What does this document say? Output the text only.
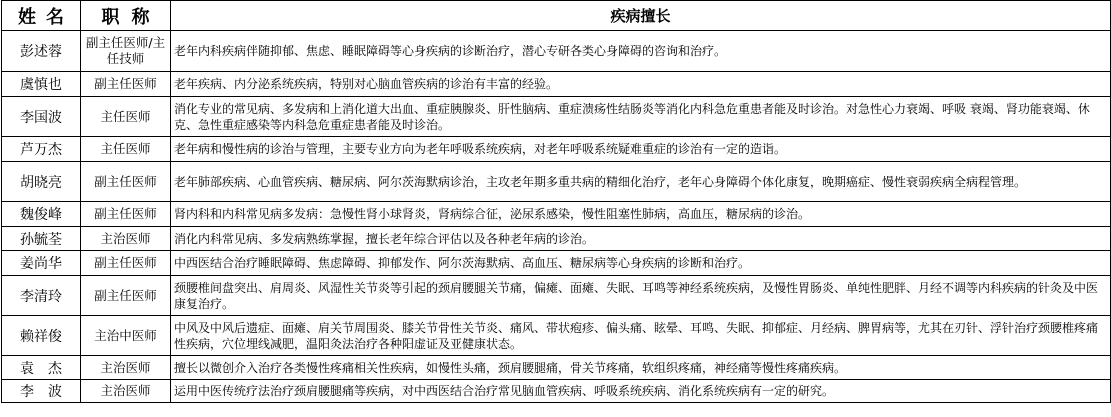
姓名	职称	疾病擅长
彭述蓉	副主任医师/主任技师	老年内科疾病伴随抑郁、焦虑、睡眠障碍等心身疾病的诊断治疗，潜心专研各类心身障碍的咨询和治疗。
虞慎也	副主任医师	老年疾病、内分泌系统疾病，特别对心脑血管疾病的诊治有丰富的经验。
李国波	主任医师	消化专业的常见病、多发病和上消化道大出血、重症胰腺炎、肝性脑病、重症溃疡性结肠炎等消化内科急危重患者能及时诊治。对急性心力衰竭、呼吸 衰竭、肾功能衰竭、休克、急性重症感染等内科急危重症患者能及时诊治。
芦万杰	主任医师	老年病和慢性病的诊治与管理，主要专业方向为老年呼吸系统疾病，对老年呼吸系统疑难重症的诊治有一定的造诣。
胡晓亮	副主任医师	老年肺部疾病、心血管疾病、糖尿病、阿尔茨海默病诊治，主攻老年期多重共病的精细化治疗，老年心身障碍个体化康复，晚期癌症、慢性衰弱疾病全病程管理。
魏俊峰	副主任医师	肾内科和内科常见病多发病：急慢性肾小球肾炎，肾病综合征，泌尿系感染，慢性阻塞性肺病，高血压，糖尿病的诊治。
孙毓荃	主治医师	消化内科常见病、多发病熟练掌握，擅长老年综合评估以及各种老年病的诊治。
姜尚华	副主任医师	中西医结合治疗睡眠障碍、焦虑障碍、抑郁发作、阿尔茨海默病、高血压、糖尿病等心身疾病的诊断和治疗。
李清玲	副主任医师	颈腰椎间盘突出、肩周炎、风湿性关节炎等引起的颈肩腰腿关节痛，偏瘫、面瘫、失眠、耳鸣等神经系统疾病，及慢性胃肠炎、单纯性肥胖、月经不调等内科疾病的针灸及中医康复治疗。
赖祥俊	主治中医师	中风及中风后遗症、面瘫、肩关节周围炎、膝关节骨性关节炎、痛风、带状疱疹、偏头痛、眩晕、耳鸣、失眠、抑郁症、月经病、脾胃病等，尤其在刃针、浮针治疗颈腰椎疼痛性疾病，穴位埋线减肥，温阳灸法治疗各种阳虚证及亚健康状态。
袁　杰	主治医师	擅长以微创介入治疗各类慢性疼痛相关性疾病，如慢性头痛，颈肩腰腿痛，骨关节疼痛，软组织疼痛，神经痛等慢性疼痛疾病。
李　波	主治医师	运用中医传统疗法治疗颈肩腰腿痛等疾病，对中西医结合治疗常见脑血管疾病、呼吸系统疾病、消化系统疾病有一定的研究。
